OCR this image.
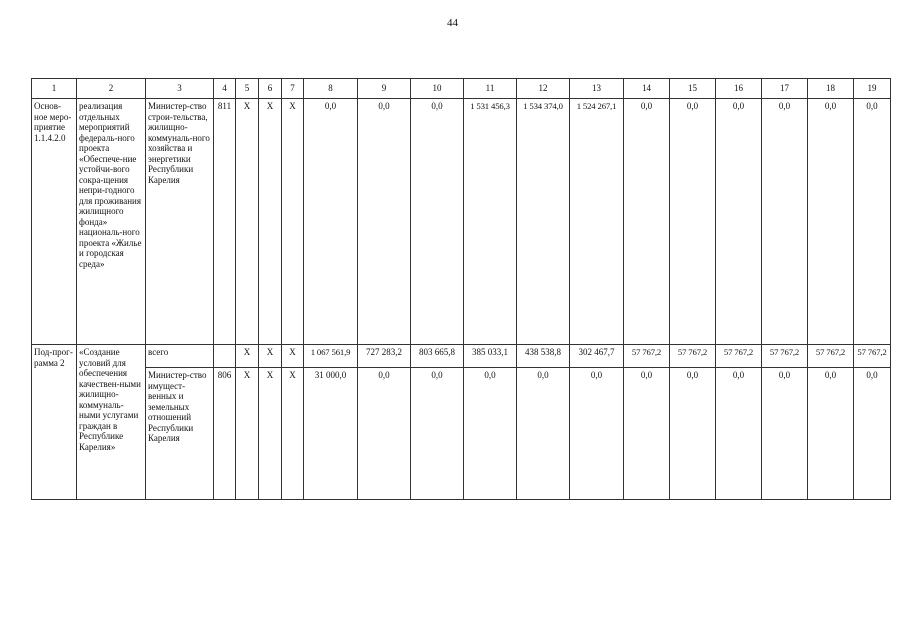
44
1	2	3	4	5	6	7	8	9	10	11	12	13	14	15	16	17	18	19
Основ-ное меро-приятие 1.1.4.2.0	реализация отдельных мероприятий федераль-ного проекта «Обеспече-ние устойчи-вого сокра-щения непри-годного для проживания жилищного фонда» националь-ного проекта «Жилье и городская среда»	Министер-ство строи-тельства, жилищно-коммуналь-ного хозяйства и энергетики Республики Карелия	811	X	X	X	0,0	0,0	0,0	1 531 456,3	1 534 374,0	1 524 267,1	0,0	0,0	0,0	0,0	0,0	0,0
Под-прог-рамма 2	«Создание условий для обеспечения качествен-ными жилищно-коммуналь-ными услугами граждан в Республике Карелия»	всего		X	X	X	1 067 561,9	727 283,2	803 665,8	385 033,1	438 538,8	302 467,7	57 767,2	57 767,2	57 767,2	57 767,2	57 767,2	57 767,2
		Министер-ство имущест-венных и земельных отношений Республики Карелия	806	X	X	X	31 000,0	0,0	0,0	0,0	0,0	0,0	0,0	0,0	0,0	0,0	0,0	0,0
